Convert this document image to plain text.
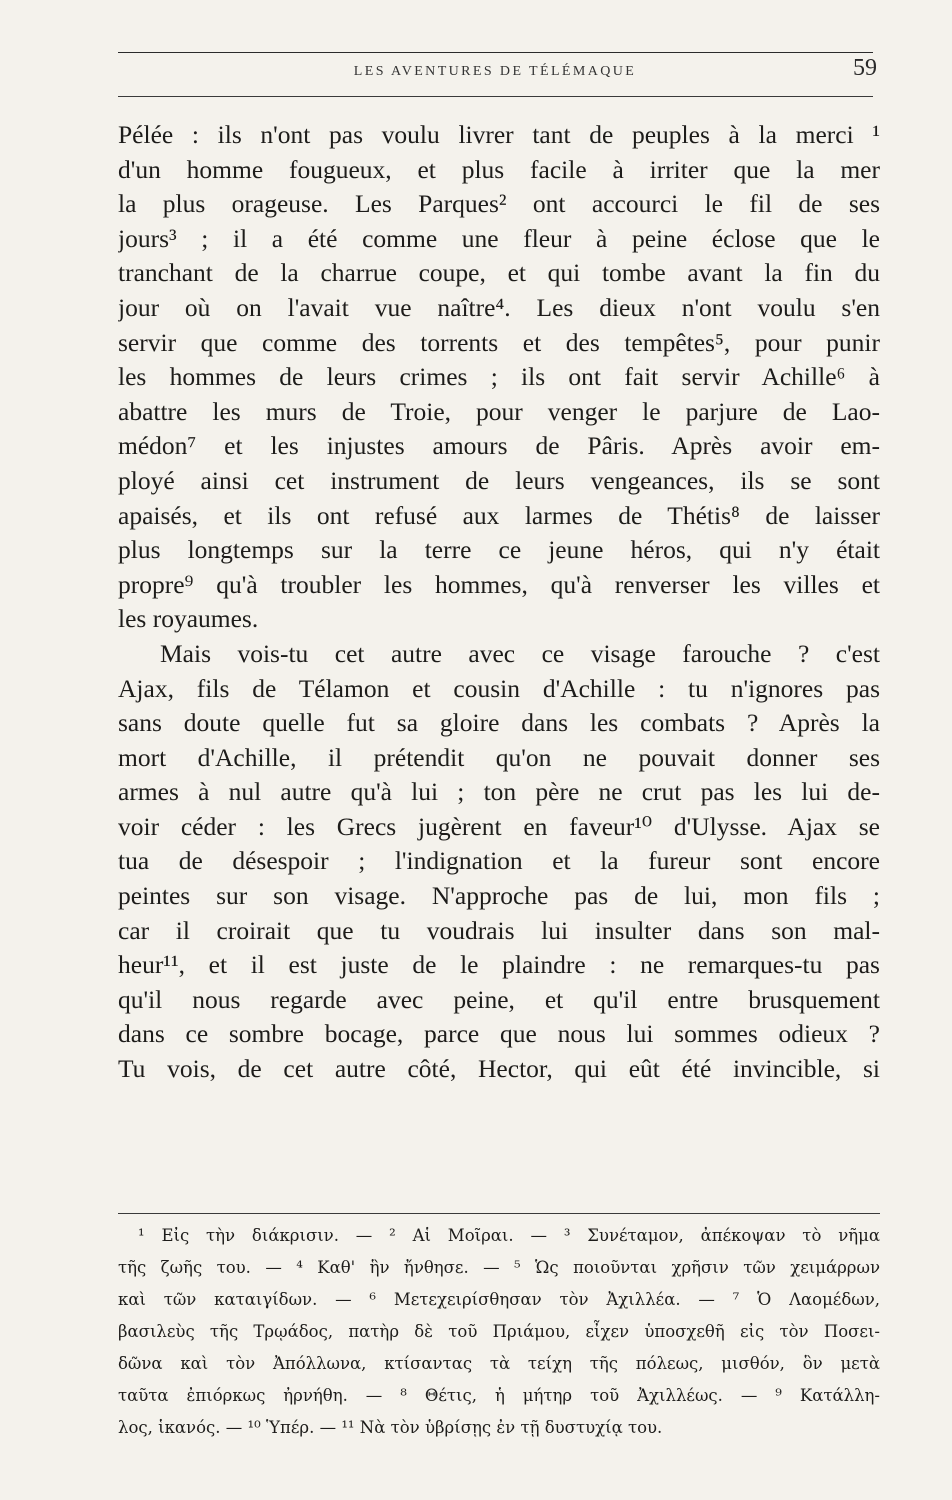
LES AVENTURES DE TÉLÉMAQUE	59
Pélée : ils n'ont pas voulu livrer tant de peuples à la merci ¹
d'un homme fougueux, et plus facile à irriter que la mer
la plus orageuse. Les Parques² ont accourci le fil de ses
jours³ ; il a été comme une fleur à peine éclose que le
tranchant de la charrue coupe, et qui tombe avant la fin du
jour où on l'avait vue naître⁴. Les dieux n'ont voulu s'en
servir que comme des torrents et des tempêtes⁵, pour punir
les hommes de leurs crimes ; ils ont fait servir Achille⁶ à
abattre les murs de Troie, pour venger le parjure de Lao-
médon⁷ et les injustes amours de Pâris. Après avoir em-
ployé ainsi cet instrument de leurs vengeances, ils se sont
apaisés, et ils ont refusé aux larmes de Thétis⁸ de laisser
plus longtemps sur la terre ce jeune héros, qui n'y était
propre⁹ qu'à troubler les hommes, qu'à renverser les villes et
les royaumes.
Mais vois-tu cet autre avec ce visage farouche ? c'est
Ajax, fils de Télamon et cousin d'Achille : tu n'ignores pas
sans doute quelle fut sa gloire dans les combats ? Après la
mort d'Achille, il prétendit qu'on ne pouvait donner ses
armes à nul autre qu'à lui ; ton père ne crut pas les lui de-
voir céder : les Grecs jugèrent en faveur¹⁰ d'Ulysse. Ajax se
tua de désespoir ; l'indignation et la fureur sont encore
peintes sur son visage. N'approche pas de lui, mon fils ;
car il croirait que tu voudrais lui insulter dans son mal-
heur¹¹, et il est juste de le plaindre : ne remarques-tu pas
qu'il nous regarde avec peine, et qu'il entre brusquement
dans ce sombre bocage, parce que nous lui sommes odieux ?
Tu vois, de cet autre côté, Hector, qui eût été invincible, si
¹ Εἰς τὴν διάκρισιν. — ² Αἱ Μοῖραι. — ³ Συνέταμον, ἀπέκοψαν τὸ νῆμα
τῆς ζωῆς του. — ⁴ Καθ' ἣν ἤνθησε. — ⁵ Ὡς ποιοῦνται χρῆσιν τῶν χειμάρρων
καὶ τῶν καταιγίδων. — ⁶ Μετεχειρίσθησαν τὸν Ἀχιλλέα. — ⁷ Ὁ Λαομέδων,
βασιλεὺς τῆς Τρῳάδος, πατὴρ δὲ τοῦ Πριάμου, εἶχεν ὑποσχεθῆ εἰς τὸν Ποσει-
δῶνα καὶ τὸν Ἀπόλλωνα, κτίσαντας τὰ τείχη τῆς πόλεως, μισθόν, ὃν μετὰ
ταῦτα ἐπιόρκως ἠρνήθη. — ⁸ Θέτις, ἡ μήτηρ τοῦ Ἀχιλλέως. — ⁹ Κατάλλη-
λος, ἱκανός. — ¹⁰ Ὑπέρ. — ¹¹ Νὰ τὸν ὑβρίσῃς ἐν τῇ δυστυχίᾳ του.
